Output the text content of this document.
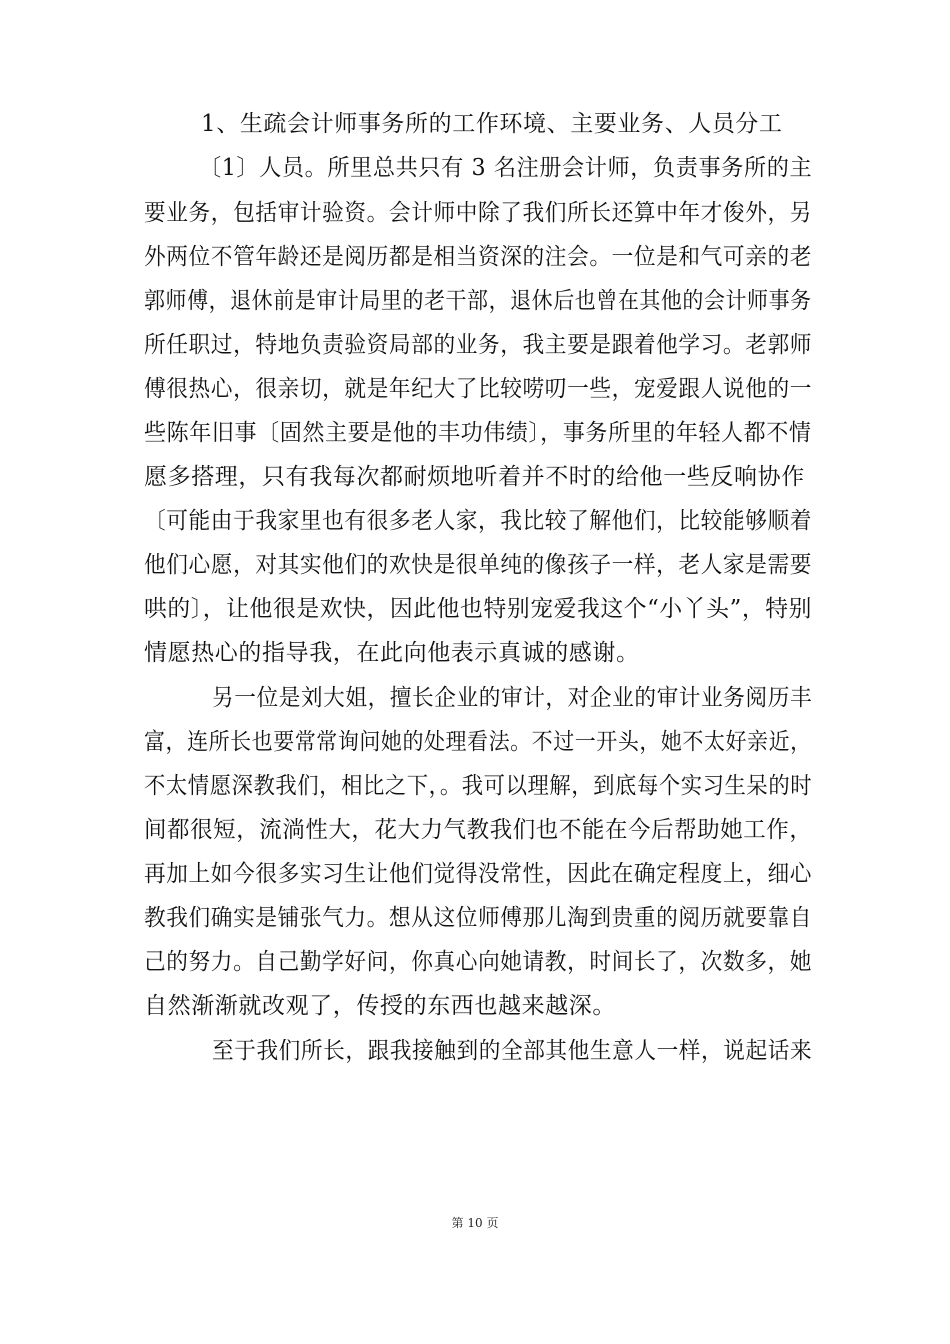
1、生疏会计师事务所的工作环境、主要业务、人员分工
〔1〕人员。所里总共只有 3 名注册会计师，负责事务所的主
要业务，包括审计验资。会计师中除了我们所长还算中年才俊外，另
外两位不管年龄还是阅历都是相当资深的注会。一位是和气可亲的老
郭师傅，退休前是审计局里的老干部，退休后也曾在其他的会计师事务
所任职过，特地负责验资局部的业务，我主要是跟着他学习。老郭师
傅很热心，很亲切，就是年纪大了比较唠叨一些，宠爱跟人说他的一
些陈年旧事〔固然主要是他的丰功伟绩〕，事务所里的年轻人都不情
愿多搭理，只有我每次都耐烦地听着并不时的给他一些反响协作
〔可能由于我家里也有很多老人家，我比较了解他们，比较能够顺着
他们心愿，对其实他们的欢快是很单纯的像孩子一样，老人家是需要
哄的〕，让他很是欢快，因此他也特别宠爱我这个“小丫头”，特别
情愿热心的指导我，在此向他表示真诚的感谢。
另一位是刘大姐，擅长企业的审计，对企业的审计业务阅历丰
富，连所长也要常常询问她的处理看法。不过一开头，她不太好亲近，
不太情愿深教我们，相比之下，。我可以理解，到底每个实习生呆的时
间都很短，流淌性大，花大力气教我们也不能在今后帮助她工作，
再加上如今很多实习生让他们觉得没常性，因此在确定程度上，细心
教我们确实是铺张气力。想从这位师傅那儿淘到贵重的阅历就要靠自
己的努力。自己勤学好问，你真心向她请教，时间长了，次数多，她
自然渐渐就改观了，传授的东西也越来越深。
至于我们所长，跟我接触到的全部其他生意人一样，说起话来
第 10 页
